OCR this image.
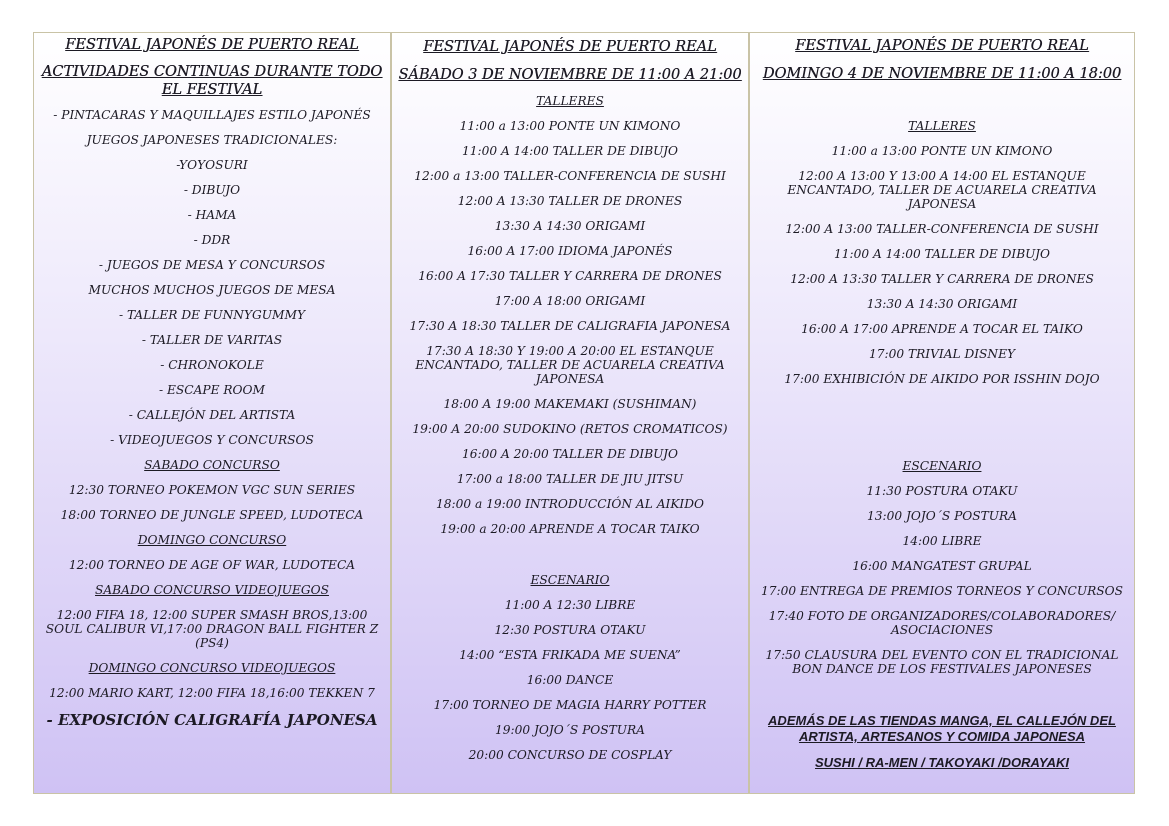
FESTIVAL JAPONÉS DE PUERTO REAL
ACTIVIDADES CONTINUAS DURANTE TODO EL FESTIVAL
- PINTACARAS Y MAQUILLAJES ESTILO JAPONÉS
JUEGOS JAPONESES TRADICIONALES:
-YOYOSURI
- DIBUJO
- HAMA
- DDR
- JUEGOS DE MESA Y CONCURSOS
MUCHOS MUCHOS JUEGOS DE MESA
- TALLER DE FUNNYGUMMY
- TALLER DE VARITAS
- CHRONOKOLE
- ESCAPE ROOM
- CALLEJÓN DEL ARTISTA
- VIDEOJUEGOS Y CONCURSOS
SABADO CONCURSO
12:30 TORNEO POKEMON VGC SUN SERIES
18:00 TORNEO DE JUNGLE SPEED, LUDOTECA
DOMINGO CONCURSO
12:00 TORNEO DE AGE OF WAR, LUDOTECA
SABADO CONCURSO VIDEOJUEGOS
12:00 FIFA 18, 12:00 SUPER SMASH BROS,13:00 SOUL CALIBUR VI,17:00 DRAGON BALL FIGHTER Z (PS4)
DOMINGO CONCURSO VIDEOJUEGOS
12:00 MARIO KART, 12:00 FIFA 18,16:00 TEKKEN 7
- EXPOSICIÓN CALIGRAFÍA JAPONESA
FESTIVAL JAPONÉS DE PUERTO REAL
SÁBADO 3 DE NOVIEMBRE DE 11:00 A 21:00
TALLERES
11:00 a 13:00 PONTE UN KIMONO
11:00 A 14:00 TALLER DE DIBUJO
12:00 a 13:00 TALLER-CONFERENCIA DE SUSHI
12:00 A 13:30 TALLER DE DRONES
13:30 A 14:30 ORIGAMI
16:00 A 17:00 IDIOMA JAPONÉS
16:00 A 17:30 TALLER Y CARRERA DE DRONES
17:00 A 18:00 ORIGAMI
17:30 A 18:30 TALLER DE CALIGRAFIA JAPONESA
17:30 A 18:30 Y 19:00 A 20:00 EL ESTANQUE ENCANTADO, TALLER DE ACUARELA CREATIVA JAPONESA
18:00 A 19:00 MAKEMAKI (SUSHIMAN)
19:00 A 20:00 SUDOKINO (RETOS CROMATICOS)
16:00 A 20:00 TALLER DE DIBUJO
17:00 a 18:00 TALLER DE JIU JITSU
18:00 a 19:00 INTRODUCCIÓN AL AIKIDO
19:00 a 20:00 APRENDE A TOCAR TAIKO
ESCENARIO
11:00 A 12:30 LIBRE
12:30 POSTURA OTAKU
14:00 “ESTA FRIKADA ME SUENA”
16:00 DANCE
17:00 TORNEO DE MAGIA HARRY POTTER
19:00 JOJO´S POSTURA
20:00 CONCURSO DE COSPLAY
FESTIVAL JAPONÉS DE PUERTO REAL
DOMINGO 4 DE NOVIEMBRE DE 11:00 A 18:00
TALLERES
11:00 a 13:00 PONTE UN KIMONO
12:00 A 13:00 Y 13:00 A 14:00 EL ESTANQUE ENCANTADO, TALLER DE ACUARELA CREATIVA JAPONESA
12:00 A 13:00 TALLER-CONFERENCIA DE SUSHI
11:00 A 14:00 TALLER DE DIBUJO
12:00 A 13:30 TALLER Y CARRERA DE DRONES
13:30 A 14:30 ORIGAMI
16:00 A 17:00 APRENDE A TOCAR EL TAIKO
17:00 TRIVIAL DISNEY
17:00 EXHIBICIÓN DE AIKIDO POR ISSHIN DOJO
ESCENARIO
11:30 POSTURA OTAKU
13:00 JOJO´S POSTURA
14:00 LIBRE
16:00 MANGATEST GRUPAL
17:00 ENTREGA DE PREMIOS TORNEOS Y CONCURSOS
17:40 FOTO DE ORGANIZADORES/COLABORADORES/ ASOCIACIONES
17:50 CLAUSURA DEL EVENTO CON EL TRADICIONAL BON DANCE DE LOS FESTIVALES JAPONESES
ADEMÁS DE LAS TIENDAS MANGA, EL CALLEJÓN DEL ARTISTA, ARTESANOS Y COMIDA JAPONESA
SUSHI / RA-MEN / TAKOYAKI /DORAYAKI
